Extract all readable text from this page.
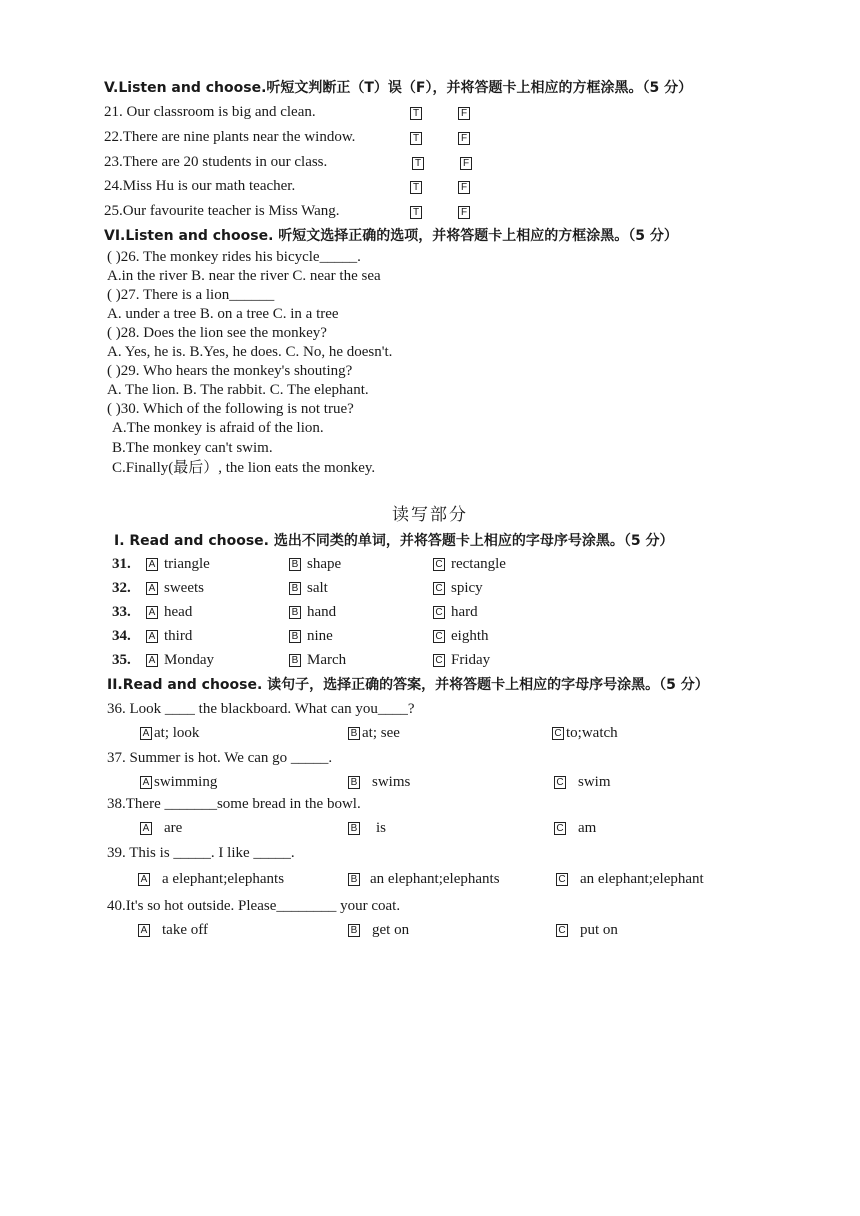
V.Listen and choose.听短文判断正（T）误（F），并将答题卡上相应的方框涂黑。（5 分）
21. Our classroom is big and clean.	T	F
22.There are nine plants near the window.	T	F
23.There are 20 students in our class.	T	F
24.Miss Hu is our math teacher.	T	F
25.Our favourite teacher is Miss Wang.	T	F
VI.Listen and choose. 听短文选择正确的选项，并将答题卡上相应的方框涂黑。（5 分）
( )26. The monkey rides his bicycle_____.
A.in the river B. near the river C. near the sea
( )27. There is a lion______
A. under a tree B. on a tree C. in a tree
( )28. Does the lion see the monkey?
A. Yes, he is. B.Yes, he does. C. No, he doesn't.
( )29. Who hears the monkey's shouting?
A. The lion. B. The rabbit. C. The elephant.
( )30. Which of the following is not true?
A.The monkey is afraid of the lion.
B.The monkey can't swim.
C.Finally(最后）, the lion eats the monkey.
读写部分
I. Read and choose. 选出不同类的单词，并将答题卡上相应的字母序号涂黑。（5 分）
31. A triangle	B shape	C rectangle
32. A sweets	B salt	C spicy
33. A head	B hand	C hard
34. A third	B nine	C eighth
35. A Monday	B March	C Friday
II.Read and choose. 读句子，选择正确的答案，并将答题卡上相应的字母序号涂黑。（5 分）
36. Look ____ the blackboard. What can you____?
A at; look	B at; see	C to;watch
37. Summer is hot. We can go _____.
A swimming	B swims	C swim
38.There _______some bread in the bowl.
A are	B is	C am
39. This is _____. I like _____.
A a elephant;elephants	B an elephant;elephants	C an elephant;elephant
40.It's so hot outside. Please________ your coat.
A take off	B get on	C put on
